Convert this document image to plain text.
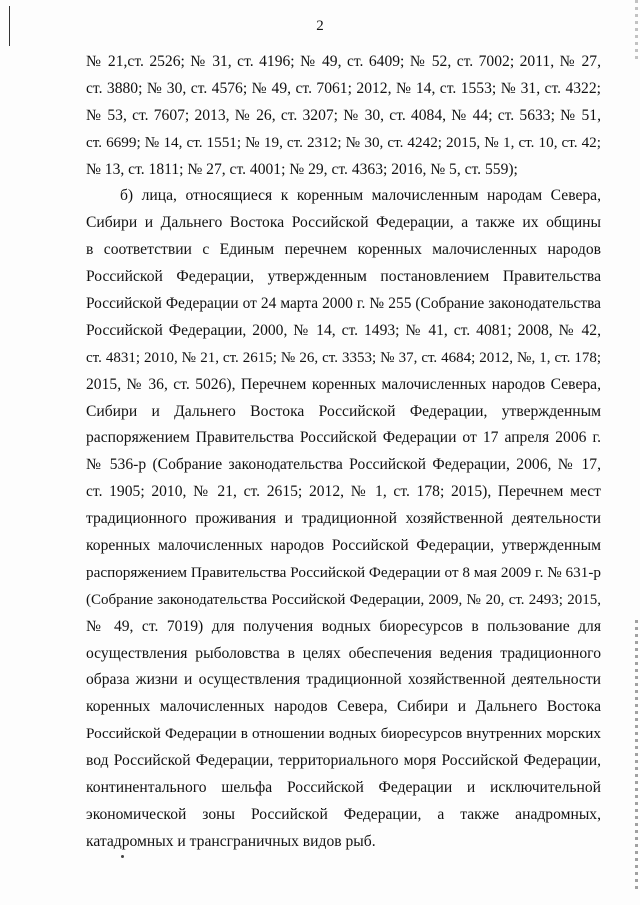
2
№ 21,ст. 2526; № 31, ст. 4196; № 49, ст. 6409; № 52, ст. 7002; 2011, № 27,
ст. 3880; № 30, ст. 4576; № 49, ст. 7061; 2012, № 14, ст. 1553; № 31, ст. 4322;
№ 53, ст. 7607; 2013, № 26, ст. 3207; № 30, ст. 4084, № 44; ст. 5633; № 51,
ст. 6699; № 14, ст. 1551; № 19, ст. 2312; № 30, ст. 4242; 2015, № 1, ст. 10, ст. 42;
№ 13, ст. 1811; № 27, ст. 4001; № 29, ст. 4363; 2016, № 5, ст. 559);
б) лица, относящиеся к коренным малочисленным народам Севера,
Сибири и Дальнего Востока Российской Федерации, а также их общины
в соответствии с Единым перечнем коренных малочисленных народов
Российской Федерации, утвержденным постановлением Правительства
Российской Федерации от 24 марта 2000 г. № 255 (Собрание законодательства
Российской Федерации, 2000, № 14, ст. 1493; № 41, ст. 4081; 2008, № 42,
ст. 4831; 2010, № 21, ст. 2615; № 26, ст. 3353; № 37, ст. 4684; 2012, №, 1, ст. 178;
2015, № 36, ст. 5026), Перечнем коренных малочисленных народов Севера,
Сибири и Дальнего Востока Российской Федерации, утвержденным
распоряжением Правительства Российской Федерации от 17 апреля 2006 г.
№ 536-р (Собрание законодательства Российской Федерации, 2006, № 17,
ст. 1905; 2010, № 21, ст. 2615; 2012, № 1, ст. 178; 2015), Перечнем мест
традиционного проживания и традиционной хозяйственной деятельности
коренных малочисленных народов Российской Федерации, утвержденным
распоряжением Правительства Российской Федерации от 8 мая 2009 г. № 631-р
(Собрание законодательства Российской Федерации, 2009, № 20, ст. 2493; 2015,
№ 49, ст. 7019) для получения водных биоресурсов в пользование для
осуществления рыболовства в целях обеспечения ведения традиционного
образа жизни и осуществления традиционной хозяйственной деятельности
коренных малочисленных народов Севера, Сибири и Дальнего Востока
Российской Федерации в отношении водных биоресурсов внутренних морских
вод Российской Федерации, территориального моря Российской Федерации,
континентального шельфа Российской Федерации и исключительной
экономической зоны Российской Федерации, а также анадромных,
катадромных и трансграничных видов рыб.
